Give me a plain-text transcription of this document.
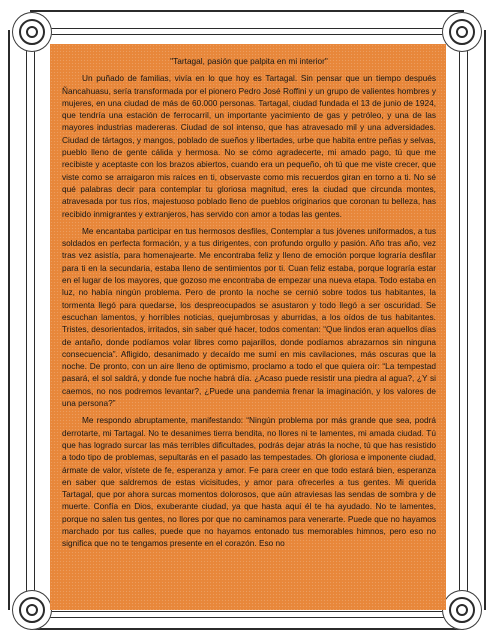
"Tartagal, pasión que palpita en mi interior"

Un puñado de familias, vivía en lo que hoy es Tartagal. Sin pensar que un tiempo después Ñancahuasu, sería transformada por el pionero Pedro José Roffini y un grupo de valientes hombres y mujeres, en una ciudad de más de 60.000 personas. Tartagal, ciudad fundada el 13 de junio de 1924, que tendría una estación de ferrocarril, un importante yacimiento de gas y petróleo, y una de las mayores industrias madereras. Ciudad de sol intenso, que has atravesado mil y una adversidades. Ciudad de tártagos, y mangos, poblado de sueños y libertades, urbe que habita entre peñas y selvas, pueblo lleno de gente cálida y hermosa. No se cómo agradecerte, mi amado pago, tú que me recibiste y aceptaste con los brazos abiertos, cuando era un pequeño, oh tú que me viste crecer, que viste como se arraigaron mis raíces en ti, observaste como mis recuerdos giran en torno a ti. No sé qué palabras decir para contemplar tu gloriosa magnitud, eres la ciudad que circunda montes, atravesada por tus ríos, majestuoso poblado lleno de pueblos originarios que coronan tu belleza, has recibido inmigrantes y extranjeros, has servido con amor a todas las gentes.

Me encantaba participar en tus hermosos desfiles, Contemplar a tus jóvenes uniformados, a tus soldados en perfecta formación, y a tus dirigentes, con profundo orgullo y pasión. Año tras año, vez tras vez asistía, para homenajearte. Me encontraba feliz y lleno de emoción porque lograría desfilar para ti en la secundaria, estaba lleno de sentimientos por ti. Cuan feliz estaba, porque lograría estar en el lugar de los mayores, que gozoso me encontraba de empezar una nueva etapa. Todo estaba en luz, no había ningún problema. Pero de pronto la noche se cernió sobre todos tus habitantes, la tormenta llegó para quedarse, los despreocupados se asustaron y todo llegó a ser oscuridad. Se escuchan lamentos, y horribles noticias, quejumbrosas y aburridas, a los oídos de tus habitantes. Tristes, desorientados, irritados, sin saber qué hacer, todos comentan: “Que lindos eran aquellos días de antaño, donde podíamos volar libres como pajarillos, donde podíamos abrazarnos sin ninguna consecuencia”. Afligido, desanimado y decaído me sumí en mis cavilaciones, más oscuras que la noche. De pronto, con un aire lleno de optimismo, proclamo a todo el que quiera oír: “La tempestad pasará, el sol saldrá, y donde fue noche habrá día. ¿Acaso puede resistir una piedra al agua?, ¿Y si caemos, no nos podremos levantar?, ¿Puede una pandemia frenar la imaginación, y los valores de una persona?”

Me respondo abruptamente, manifestando: “Ningún problema por más grande que sea, podrá derrotarte, mi Tartagal. No te desanimes tierra bendita, no llores ni te lamentes, mi amada ciudad. Tú que has logrado surcar las más terribles dificultades, podrás dejar atrás la noche, tú que has resistido a todo tipo de problemas, sepultarás en el pasado las tempestades. Oh gloriosa e imponente ciudad, ármate de valor, vístete de fe, esperanza y amor. Fe para creer en que todo estará bien, esperanza en saber que saldremos de estas vicisitudes, y amor para ofrecerles a tus gentes. Mi querida Tartagal, que por ahora surcas momentos dolorosos, que aún atraviesas las sendas de sombra y de muerte. Confía en Dios, exuberante ciudad, ya que hasta aquí él te ha ayudado. No te lamentes, porque no salen tus gentes, no llores por que no caminamos para venerarte. Puede que no hayamos marchado por tus calles, puede que no hayamos entonado tus memorables himnos, pero eso no significa que no te tengamos presente en el corazón. Eso no
